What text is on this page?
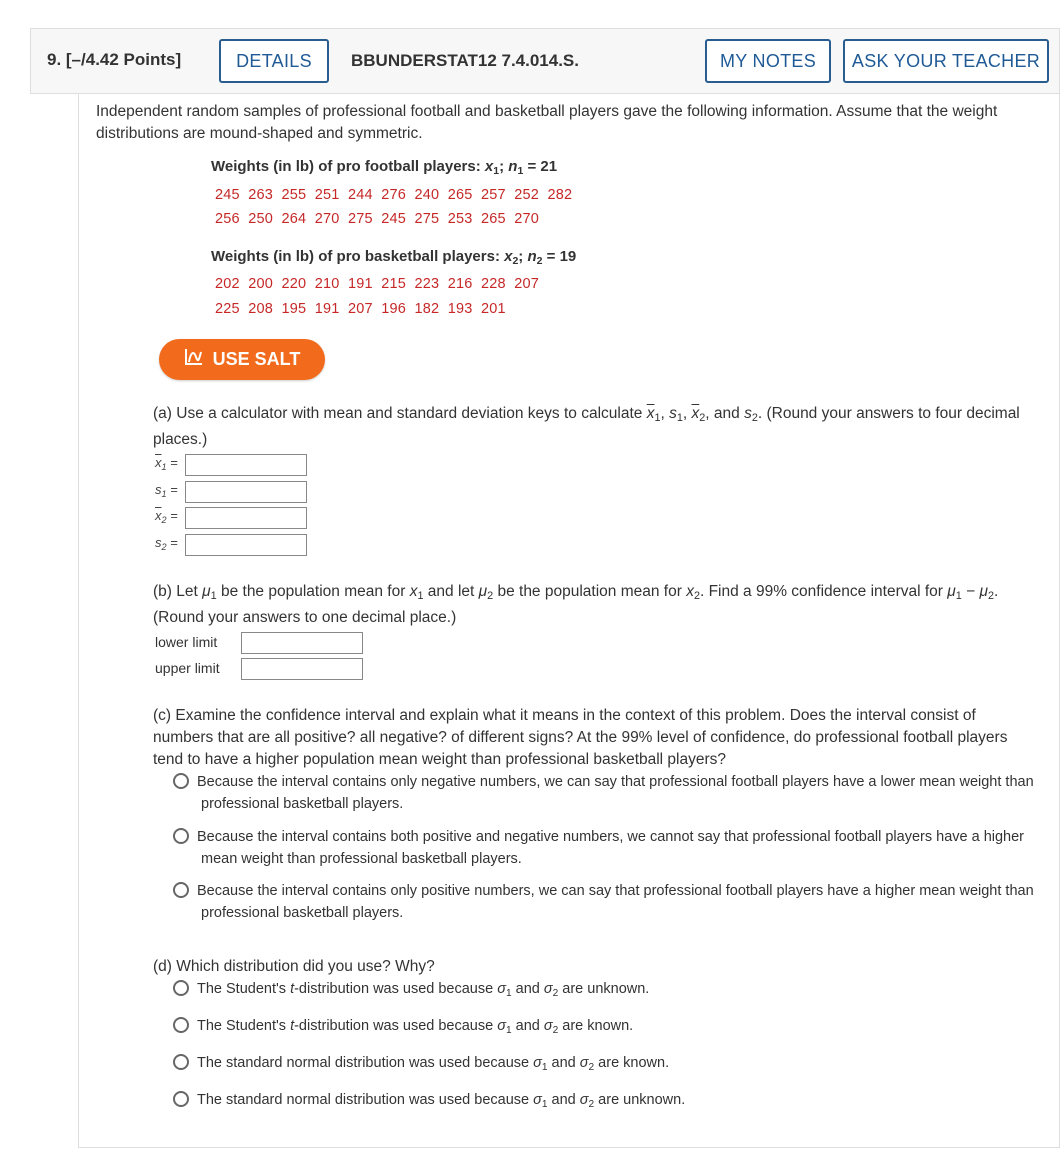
9. [–/4.42 Points]	DETAILS	BBUNDERSTAT12 7.4.014.S.	MY NOTES	ASK YOUR TEACHER
Independent random samples of professional football and basketball players gave the following information. Assume that the weight distributions are mound-shaped and symmetric.
Weights (in lb) of pro football players: $x_1$; $n_1 = 21$
245  263  255  251  244  276  240  265  257  252  282
256  250  264  270  275  245  275  253  265  270
Weights (in lb) of pro basketball players: $x_2$; $n_2 = 19$
202  200  220  210  191  215  223  216  228  207
225  208  195  191  207  196  182  193  201
USE SALT
(a) Use a calculator with mean and standard deviation keys to calculate $\overline{x}_1$, $s_1$, $\overline{x}_2$, and $s_2$. (Round your answers to four decimal places.)
$\overline{x}_1$ =
$s_1$ =
$\overline{x}_2$ =
$s_2$ =
(b) Let $\mu_1$ be the population mean for $x_1$ and let $\mu_2$ be the population mean for $x_2$. Find a 99% confidence interval for $\mu_1 - \mu_2$. (Round your answers to one decimal place.)
lower limit
upper limit
(c) Examine the confidence interval and explain what it means in the context of this problem. Does the interval consist of numbers that are all positive? all negative? of different signs? At the 99% level of confidence, do professional football players tend to have a higher population mean weight than professional basketball players?
Because the interval contains only negative numbers, we can say that professional football players have a lower mean weight than
professional basketball players.
Because the interval contains both positive and negative numbers, we cannot say that professional football players have a higher
mean weight than professional basketball players.
Because the interval contains only positive numbers, we can say that professional football players have a higher mean weight than
professional basketball players.
(d) Which distribution did you use? Why?
The Student's t-distribution was used because $\sigma_1$ and $\sigma_2$ are unknown.
The Student's t-distribution was used because $\sigma_1$ and $\sigma_2$ are known.
The standard normal distribution was used because $\sigma_1$ and $\sigma_2$ are known.
The standard normal distribution was used because $\sigma_1$ and $\sigma_2$ are unknown.
